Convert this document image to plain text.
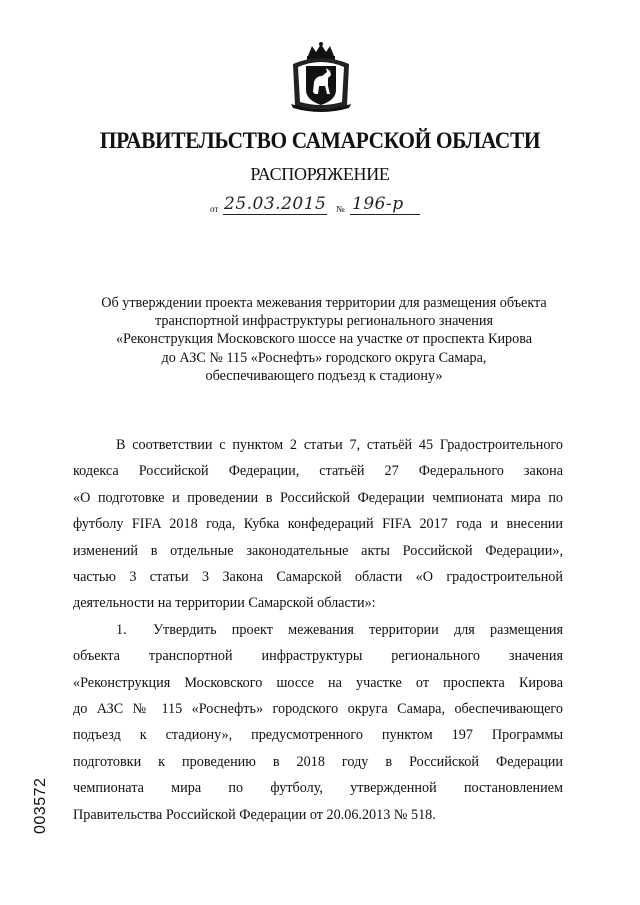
ПРАВИТЕЛЬСТВО САМАРСКОЙ ОБЛАСТИ
РАСПОРЯЖЕНИЕ
от 25.03.2015 № 196-р
Об утверждении проекта межевания территории для размещения объекта
транспортной инфраструктуры регионального значения
«Реконструкция Московского шоссе на участке от проспекта Кирова
до АЗС № 115 «Роснефть» городского округа Самара,
обеспечивающего подъезд к стадиону»
В соответствии с пунктом 2 статьи 7, статьёй 45 Градостроительного
кодекса Российской Федерации, статьёй 27 Федерального закона
«О подготовке и проведении в Российской Федерации чемпионата мира по
футболу FIFA 2018 года, Кубка конфедераций FIFA 2017 года и внесении
изменений в отдельные законодательные акты Российской Федерации»,
частью 3 статьи 3 Закона Самарской области «О градостроительной
деятельности на территории Самарской области»:
1. Утвердить проект межевания территории для размещения
объекта транспортной инфраструктуры регионального значения
«Реконструкция Московского шоссе на участке от проспекта Кирова
до АЗС № 115 «Роснефть» городского округа Самара, обеспечивающего
подъезд к стадиону», предусмотренного пунктом 197 Программы
подготовки к проведению в 2018 году в Российской Федерации
чемпионата мира по футболу, утвержденной постановлением
Правительства Российской Федерации от 20.06.2013 № 518.
003572
